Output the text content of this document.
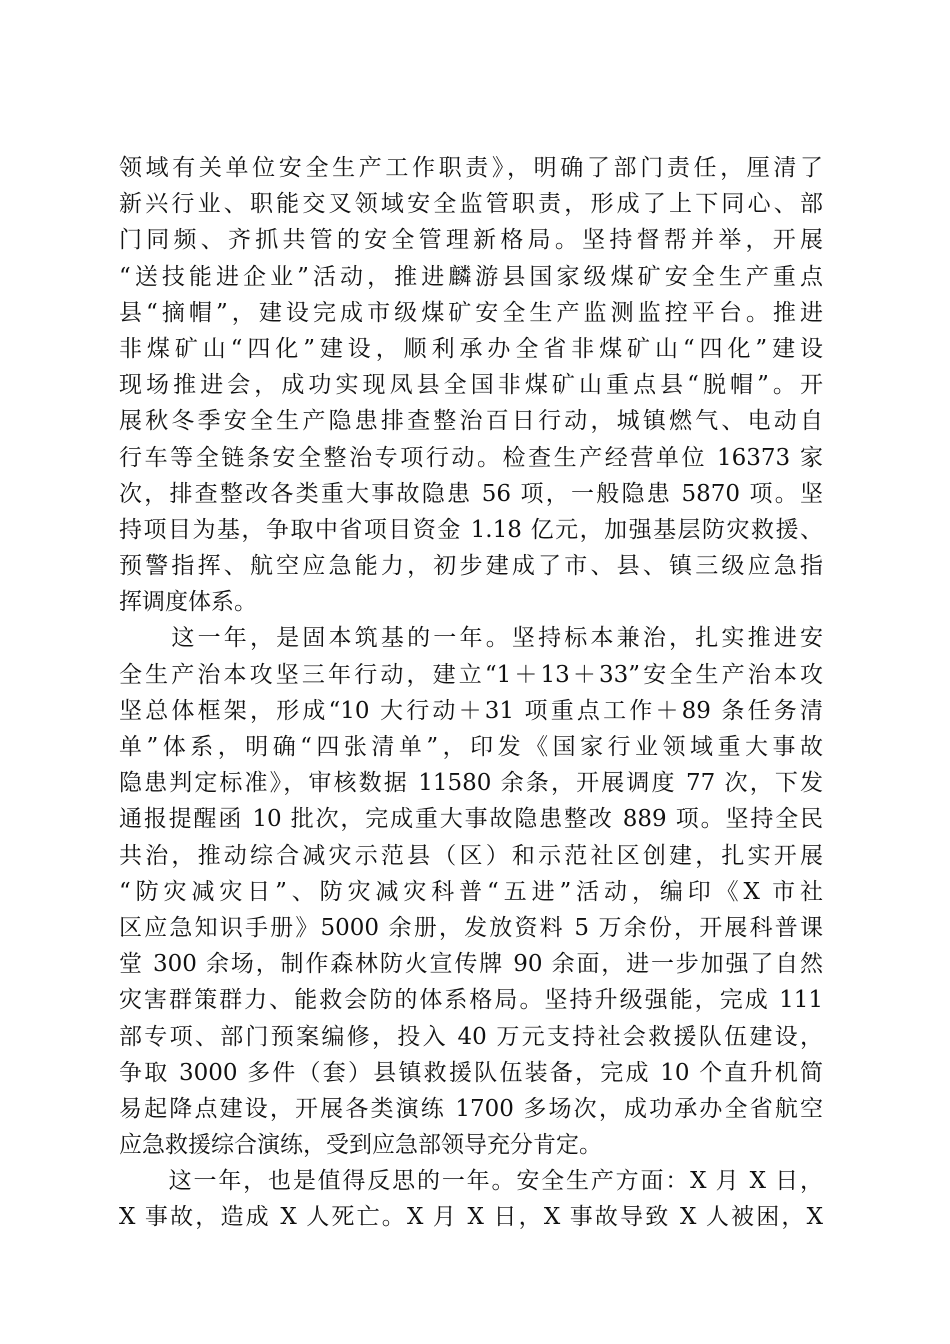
领域有关单位安全生产工作职责》，明确了部门责任，厘清了
新兴行业、职能交叉领域安全监管职责，形成了上下同心、部
门同频、齐抓共管的安全管理新格局。坚持督帮并举，开展
“送技能进企业”活动，推进麟游县国家级煤矿安全生产重点
县“摘帽”，建设完成市级煤矿安全生产监测监控平台。推进
非煤矿山“四化”建设，顺利承办全省非煤矿山“四化”建设
现场推进会，成功实现凤县全国非煤矿山重点县“脱帽”。开
展秋冬季安全生产隐患排查整治百日行动，城镇燃气、电动自
行车等全链条安全整治专项行动。检查生产经营单位 16373 家
次，排查整改各类重大事故隐患 56 项，一般隐患 5870 项。坚
持项目为基，争取中省项目资金 1.18 亿元，加强基层防灾救援、
预警指挥、航空应急能力，初步建成了市、县、镇三级应急指
挥调度体系。
　　这一年，是固本筑基的一年。坚持标本兼治，扎实推进安
全生产治本攻坚三年行动，建立“1＋13＋33”安全生产治本攻
坚总体框架，形成“10 大行动＋31 项重点工作＋89 条任务清
单”体系，明确“四张清单”，印发《国家行业领域重大事故
隐患判定标准》，审核数据 11580 余条，开展调度 77 次，下发
通报提醒函 10 批次，完成重大事故隐患整改 889 项。坚持全民
共治，推动综合减灾示范县（区）和示范社区创建，扎实开展
“防灾减灾日”、防灾减灾科普“五进”活动，编印《X 市社
区应急知识手册》5000 余册，发放资料 5 万余份，开展科普课
堂 300 余场，制作森林防火宣传牌 90 余面，进一步加强了自然
灾害群策群力、能救会防的体系格局。坚持升级强能，完成 111
部专项、部门预案编修，投入 40 万元支持社会救援队伍建设，
争取 3000 多件（套）县镇救援队伍装备，完成 10 个直升机简
易起降点建设，开展各类演练 1700 多场次，成功承办全省航空
应急救援综合演练，受到应急部领导充分肯定。
　　这一年，也是值得反思的一年。安全生产方面：X 月 X 日，
X 事故，造成 X 人死亡。X 月 X 日，X 事故导致 X 人被困，X
